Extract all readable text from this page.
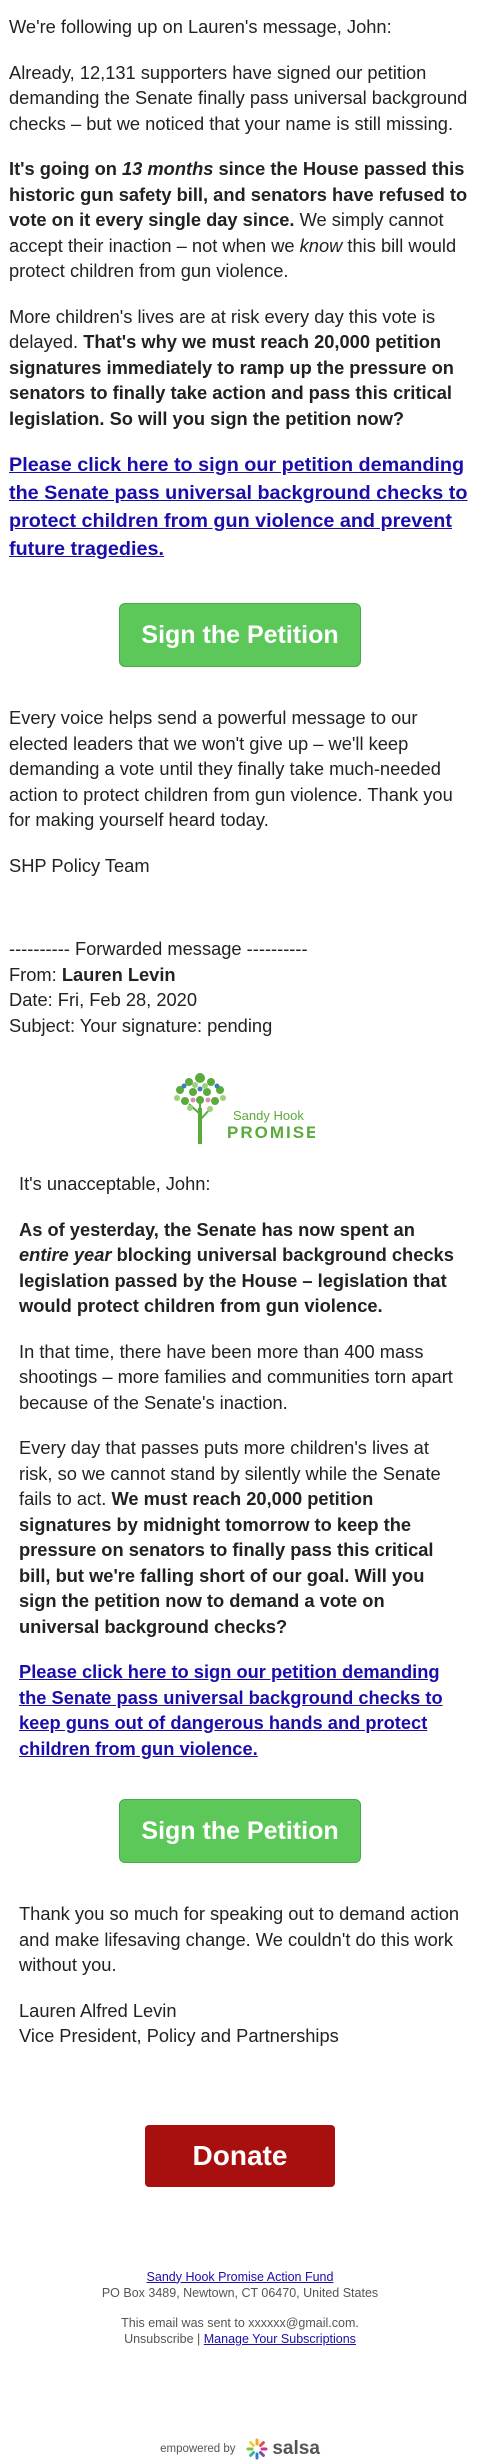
We're following up on Lauren's message, John:

Already, 12,131 supporters have signed our petition demanding the Senate finally pass universal background checks – but we noticed that your name is still missing.

It's going on 13 months since the House passed this historic gun safety bill, and senators have refused to vote on it every single day since. We simply cannot accept their inaction – not when we know this bill would protect children from gun violence.

More children's lives are at risk every day this vote is delayed. That's why we must reach 20,000 petition signatures immediately to ramp up the pressure on senators to finally take action and pass this critical legislation. So will you sign the petition now?

Please click here to sign our petition demanding the Senate pass universal background checks to protect children from gun violence and prevent future tragedies.
Sign the Petition

Every voice helps send a powerful message to our elected leaders that we won't give up – we'll keep demanding a vote until they finally take much-needed action to protect children from gun violence. Thank you for making yourself heard today.

SHP Policy Team

---------- Forwarded message ----------

From: Lauren Levin

Date: Fri, Feb 28, 2020

Subject: Your signature: pending

Sandy Hook
PROMISE

It's unacceptable, John:

As of yesterday, the Senate has now spent an entire year blocking universal background checks legislation passed by the House – legislation that would protect children from gun violence.

In that time, there have been more than 400 mass shootings – more families and communities torn apart because of the Senate's inaction.

Every day that passes puts more children's lives at risk, so we cannot stand by silently while the Senate fails to act. We must reach 20,000 petition signatures by midnight tomorrow to keep the pressure on senators to finally pass this critical bill, but we're falling short of our goal. Will you sign the petition now to demand a vote on universal background checks?

Please click here to sign our petition demanding the Senate pass universal background checks to keep guns out of dangerous hands and protect children from gun violence.
Sign the Petition

Thank you so much for speaking out to demand action and make lifesaving change. We couldn't do this work without you.

Lauren Alfred Levin
Vice President, Policy and Partnerships

Donate
Sandy Hook Promise Action Fund
PO Box 3489, Newtown, CT 06470, United States
This email was sent to xxxxxx@gmail.com.
Unsubscribe | Manage Your Subscriptions
empowered by salsa
